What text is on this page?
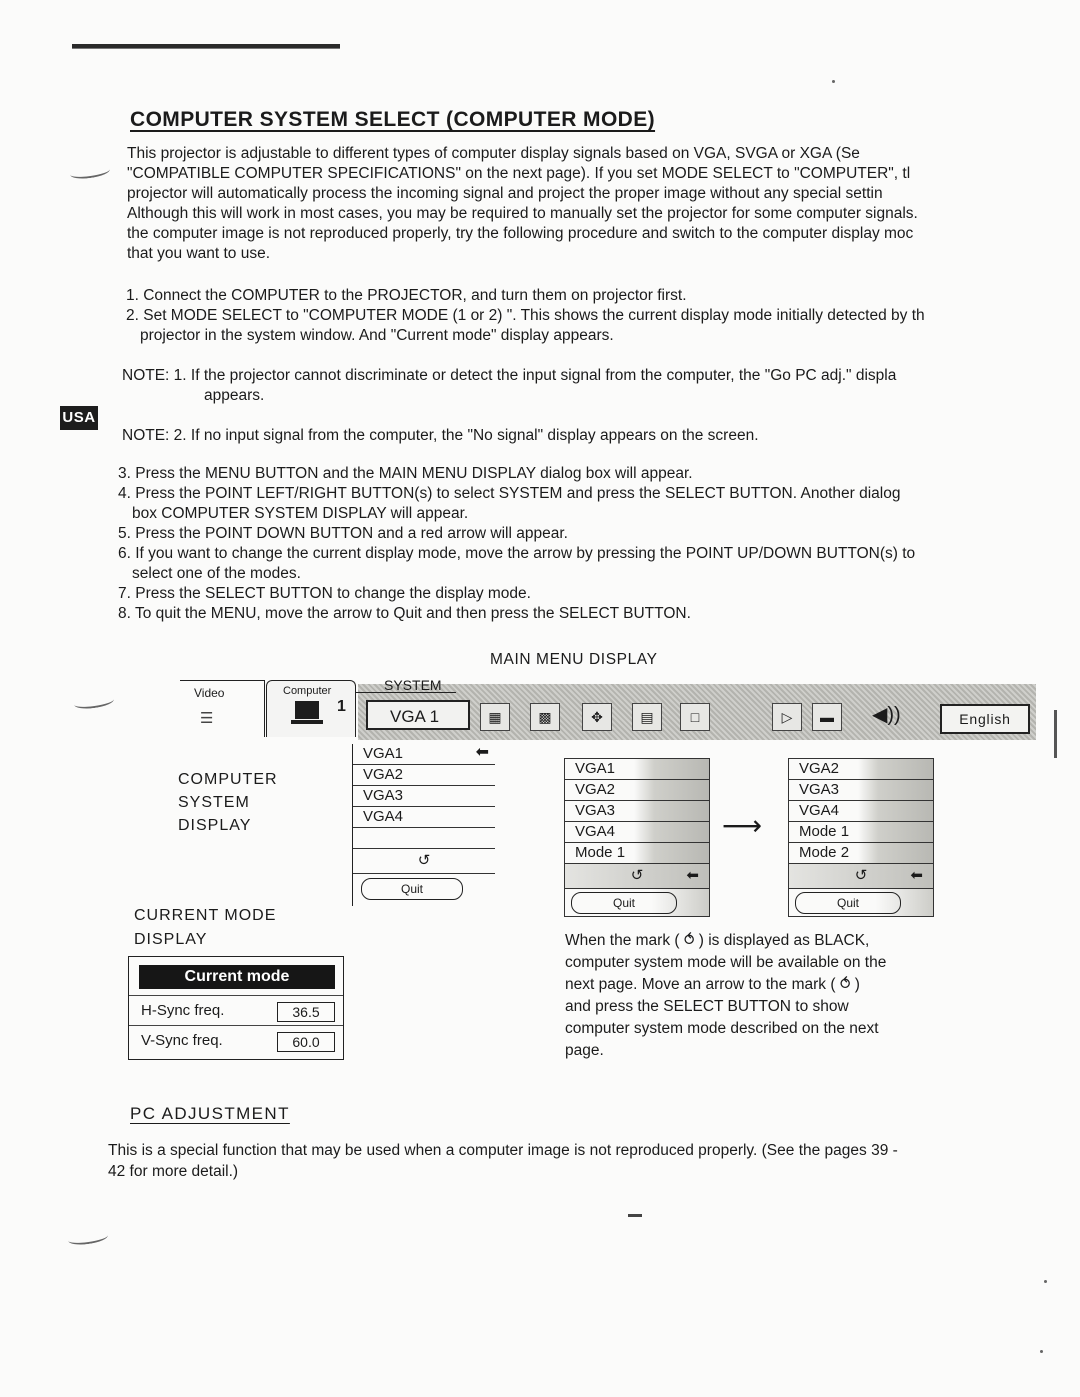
COMPUTER SYSTEM SELECT (COMPUTER MODE)
This projector is adjustable to different types of computer display signals based on VGA, SVGA or XGA (Se
"COMPATIBLE COMPUTER SPECIFICATIONS" on the next page). If you set MODE SELECT to "COMPUTER", tl
projector will automatically process the incoming signal and project the proper image without any special settin
Although this will work in most cases, you may be required to manually set the projector for some computer signals.
the computer image is not reproduced properly, try the following procedure and switch to the computer display moc
that you want to use.
1. Connect the COMPUTER to the PROJECTOR, and turn them on projector first.
2. Set MODE SELECT to "COMPUTER MODE (1 or 2) ". This shows the current display mode initially detected by th
projector in the system window. And "Current mode" display appears.
NOTE: 1. If the projector cannot discriminate or detect the input signal from the computer, the "Go PC adj." displa
appears.
USA
NOTE: 2. If no input signal from the computer, the "No signal" display appears on the screen.
3. Press the MENU BUTTON and the MAIN MENU DISPLAY dialog box will appear.
4. Press the POINT LEFT/RIGHT BUTTON(s) to select SYSTEM and press the SELECT BUTTON. Another dialog
box COMPUTER SYSTEM DISPLAY will appear.
5. Press the POINT DOWN BUTTON and a red arrow will appear.
6. If you want to change the current display mode, move the arrow by pressing the POINT UP/DOWN BUTTON(s) to
select one of the modes.
7. Press the SELECT BUTTON to change the display mode.
8. To quit the MENU, move the arrow to Quit and then press the SELECT BUTTON.
MAIN MENU DISPLAY
Video
☰
Computer
1
SYSTEM
VGA 1	▦	▩	✥	▤	□	▷	▬	◀))	English
COMPUTER
SYSTEM
DISPLAY
VGA1	⬅
VGA2
VGA3
VGA4
↺
Quit
VGA1
VGA2
VGA3
VGA4
Mode 1
↺	⬅
Quit
⟶
VGA2
VGA3
VGA4
Mode 1
Mode 2
↺	⬅
Quit
CURRENT MODE
DISPLAY
Current mode
H-Sync freq.	36.5
V-Sync freq.	60.0
When the mark ( ⥀ ) is displayed as BLACK,
computer system mode will be available on the
next page. Move an arrow to the mark ( ⥀ )
and press the SELECT BUTTON to show
computer system mode described on the next
page.
PC ADJUSTMENT
This is a special function that may be used when a computer image is not reproduced properly. (See the pages 39 -
42 for more detail.)
